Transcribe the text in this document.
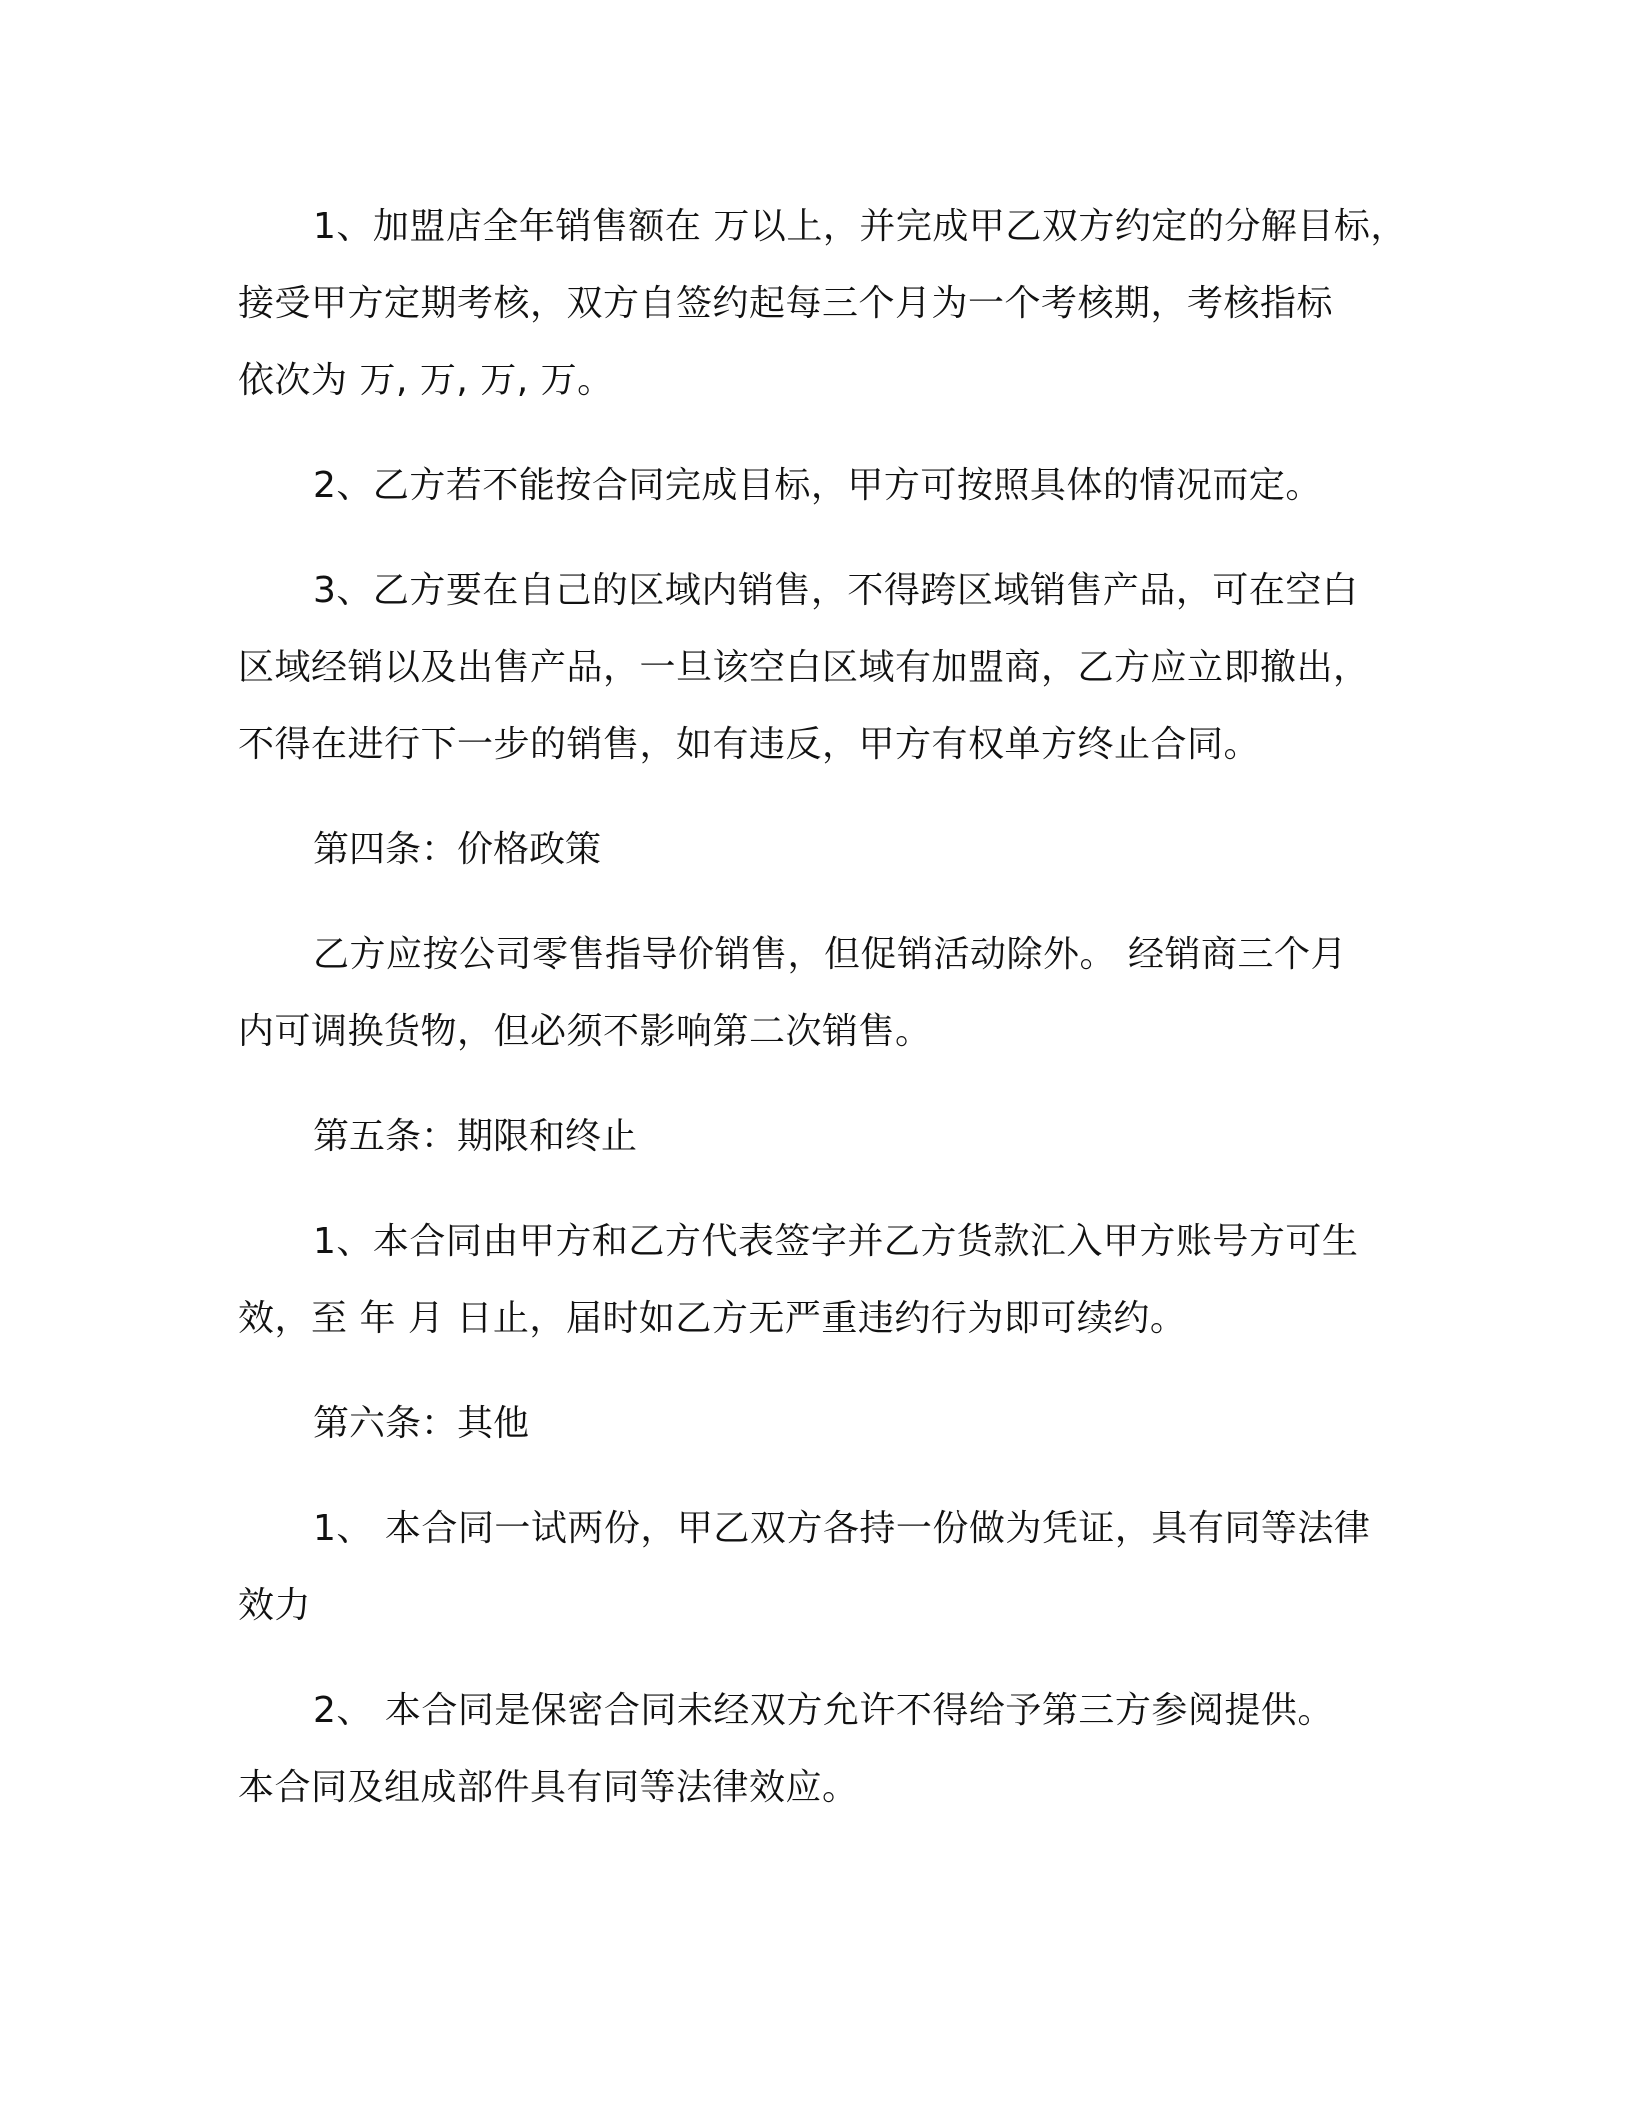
1、加盟店全年销售额在 万以上，并完成甲乙双方约定的分解目标，
接受甲方定期考核，双方自签约起每三个月为一个考核期，考核指标
依次为 万, 万, 万, 万。

2、乙方若不能按合同完成目标，甲方可按照具体的情况而定。

3、乙方要在自己的区域内销售，不得跨区域销售产品，可在空白
区域经销以及出售产品，一旦该空白区域有加盟商，乙方应立即撤出，
不得在进行下一步的销售，如有违反，甲方有权单方终止合同。

第四条：价格政策

乙方应按公司零售指导价销售，但促销活动除外。 经销商三个月
内可调换货物，但必须不影响第二次销售。

第五条：期限和终止

1、本合同由甲方和乙方代表签字并乙方货款汇入甲方账号方可生
效，至 年 月 日止，届时如乙方无严重违约行为即可续约。

第六条：其他

1、 本合同一试两份，甲乙双方各持一份做为凭证，具有同等法律
效力

2、 本合同是保密合同未经双方允许不得给予第三方参阅提供。
本合同及组成部件具有同等法律效应。
